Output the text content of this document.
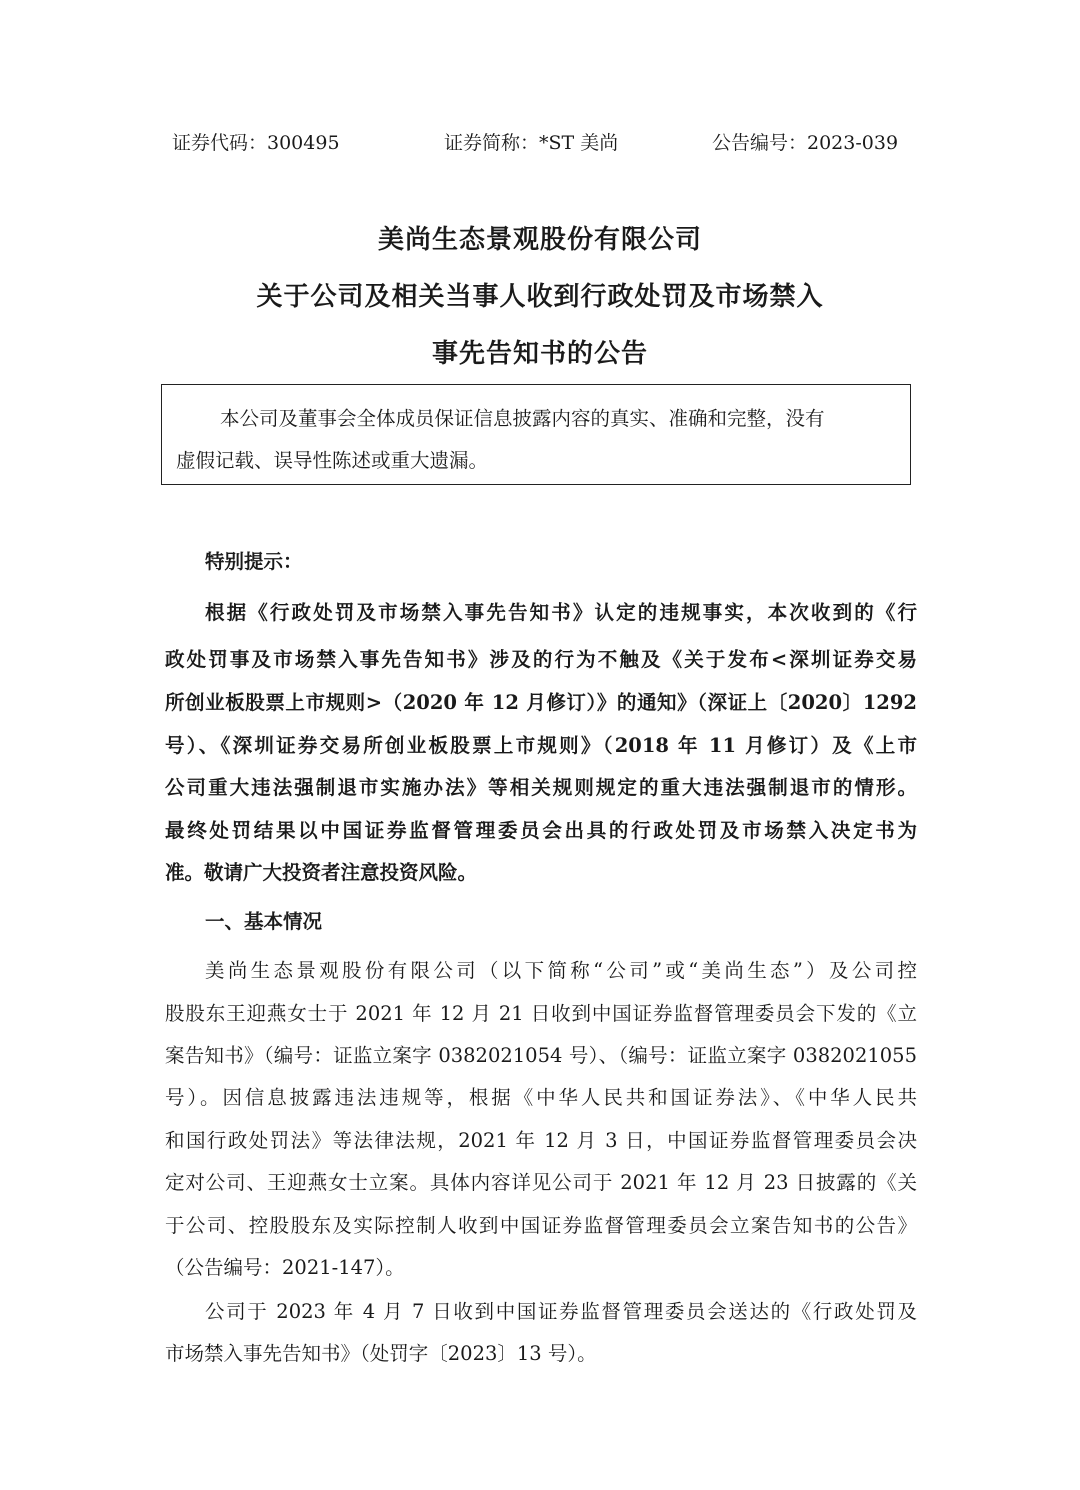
证券代码：300495	证券简称：*ST 美尚	公告编号：2023-039
美尚生态景观股份有限公司
关于公司及相关当事人收到行政处罚及市场禁入
事先告知书的公告
本公司及董事会全体成员保证信息披露内容的真实、准确和完整，没有
虚假记载、误导性陈述或重大遗漏。
特别提示：
根据《行政处罚及市场禁入事先告知书》认定的违规事实，本次收到的《行
政处罚事及市场禁入事先告知书》涉及的行为不触及《关于发布<深圳证券交易
所创业板股票上市规则>（2020 年 12 月修订）》的通知》（深证上〔2020〕1292
号）、《深圳证券交易所创业板股票上市规则》（2018 年 11 月修订）及《上市
公司重大违法强制退市实施办法》等相关规则规定的重大违法强制退市的情形。
最终处罚结果以中国证券监督管理委员会出具的行政处罚及市场禁入决定书为
准。敬请广大投资者注意投资风险。
一、基本情况
美尚生态景观股份有限公司（以下简称“公司”或“美尚生态”）及公司控
股股东王迎燕女士于 2021 年 12 月 21 日收到中国证券监督管理委员会下发的《立
案告知书》（编号：证监立案字 0382021054 号）、（编号：证监立案字 0382021055
号）。因信息披露违法违规等，根据《中华人民共和国证券法》、《中华人民共
和国行政处罚法》等法律法规，2021 年 12 月 3 日，中国证券监督管理委员会决
定对公司、王迎燕女士立案。具体内容详见公司于 2021 年 12 月 23 日披露的《关
于公司、控股股东及实际控制人收到中国证券监督管理委员会立案告知书的公告》
（公告编号：2021-147）。
公司于 2023 年 4 月 7 日收到中国证券监督管理委员会送达的《行政处罚及
市场禁入事先告知书》（处罚字〔2023〕13 号）。
